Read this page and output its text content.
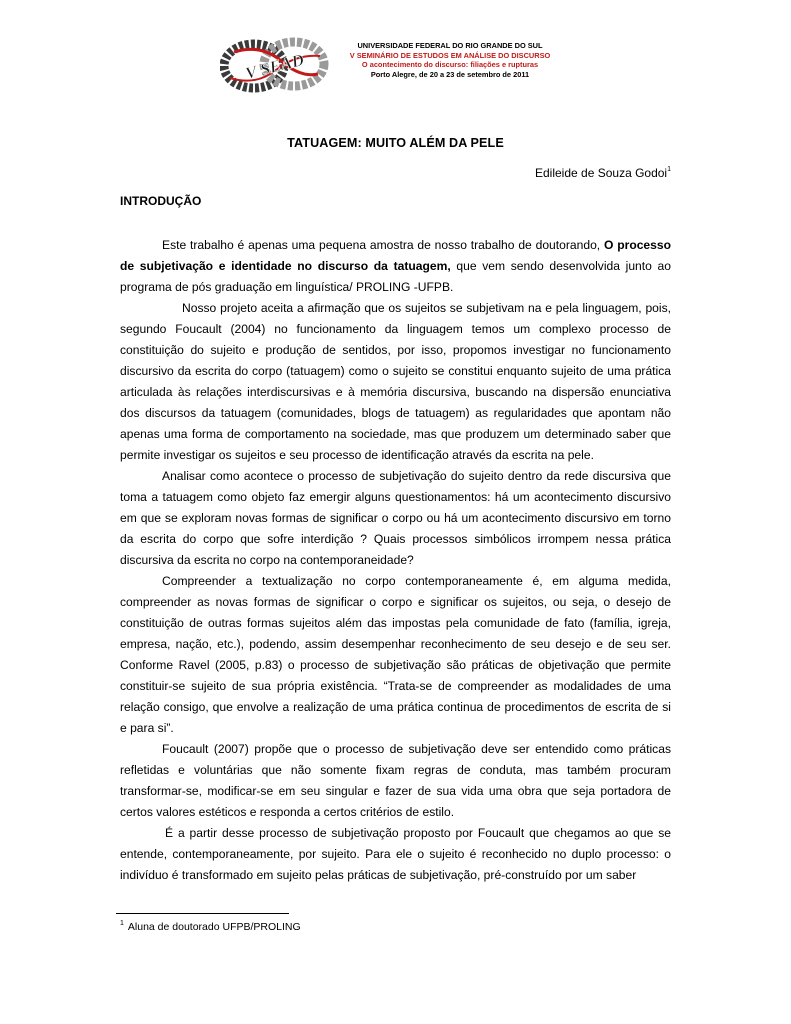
V SEAD
UNIVERSIDADE FEDERAL DO RIO GRANDE DO SUL
V SEMINÁRIO DE ESTUDOS EM ANÁLISE DO DISCURSO
O acontecimento do discurso: filiações e rupturas
Porto Alegre, de 20 a 23 de setembro de 2011
TATUAGEM: MUITO ALÉM DA PELE
Edileide de Souza Godoi$^1$
INTRODUÇÃO

Este trabalho é apenas uma pequena amostra de nosso trabalho de doutorando, O processo de subjetivação e identidade no discurso da tatuagem, que vem sendo desenvolvida junto ao programa de pós graduação em linguística/ PROLING -UFPB.

Nosso projeto aceita a afirmação que os sujeitos se subjetivam na e pela linguagem, pois, segundo Foucault (2004) no funcionamento da linguagem temos um complexo processo de constituição do sujeito e produção de sentidos, por isso, propomos investigar no funcionamento discursivo da escrita do corpo (tatuagem) como o sujeito se constitui enquanto sujeito de uma prática articulada às relações interdiscursivas e à memória discursiva, buscando na dispersão enunciativa dos discursos da tatuagem (comunidades, blogs de tatuagem) as regularidades que apontam não apenas uma forma de comportamento na sociedade, mas que produzem um determinado saber que permite investigar os sujeitos e seu processo de identificação através da escrita na pele.

Analisar como acontece o processo de subjetivação do sujeito dentro da rede discursiva que toma a tatuagem como objeto faz emergir alguns questionamentos: há um acontecimento discursivo em que se exploram novas formas de significar o corpo ou há um acontecimento discursivo em torno da escrita do corpo que sofre interdição ? Quais processos simbólicos irrompem nessa prática discursiva da escrita no corpo na contemporaneidade?

Compreender a textualização no corpo contemporaneamente é, em alguma medida, compreender as novas formas de significar o corpo e significar os sujeitos, ou seja, o desejo de constituição de outras formas sujeitos além das impostas pela comunidade de fato (família, igreja, empresa, nação, etc.), podendo, assim desempenhar reconhecimento de seu desejo e de seu ser. Conforme Ravel (2005, p.83) o processo de subjetivação são práticas de objetivação que permite constituir-se sujeito de sua própria existência. “Trata-se de compreender as modalidades de uma relação consigo, que envolve a realização de uma prática continua de procedimentos de escrita de si e para si”.

Foucault (2007) propõe que o processo de subjetivação deve ser entendido como práticas refletidas e voluntárias que não somente fixam regras de conduta, mas também procuram transformar-se, modificar-se em seu singular e fazer de sua vida uma obra que seja portadora de certos valores estéticos e responda a certos critérios de estilo.

É a partir desse processo de subjetivação proposto por Foucault que chegamos ao que se entende, contemporaneamente, por sujeito. Para ele o sujeito é reconhecido no duplo processo: o indivíduo é transformado em sujeito pelas práticas de subjetivação, pré-construído por um saber

$^1$ Aluna de doutorado UFPB/PROLING
